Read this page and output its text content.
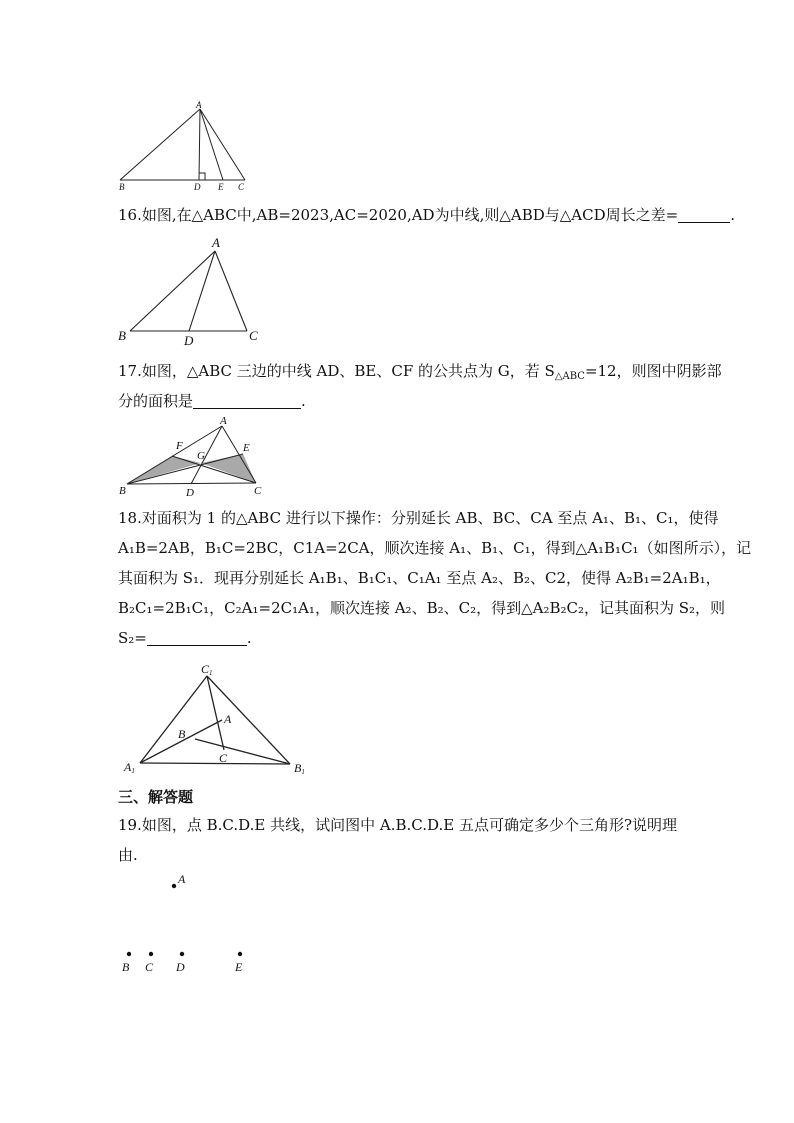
A
B	D E C
16.如图,在△ABC中,AB=2023,AC=2020,AD为中线,则△ABD与△ACD周长之差=	.
A
B	D	C
17.如图，△ABC 三边的中线 AD、BE、CF 的公共点为 G，若 $S_{\triangle ABC}=12$，则图中阴影部
分的面积是	.
A
F	E
G
B	D	C
18.对面积为 1 的△ABC 进行以下操作：分别延长 AB、BC、CA 至点 A₁、B₁、C₁，使得
A₁B=2AB，B₁C=2BC，C1A=2CA，顺次连接 A₁、B₁、C₁，得到△A₁B₁C₁（如图所示），记
其面积为 S₁．现再分别延长 A₁B₁、B₁C₁、C₁A₁ 至点 A₂、B₂、C2，使得 A₂B₁=2A₁B₁，
B₂C₁=2B₁C₁，C₂A₁=2C₁A₁，顺次连接 A₂、B₂、C₂，得到△A₂B₂C₂，记其面积为 S₂，则
S₂=	.
C1
A
B
C
A1	B1
三、解答题
19.如图，点 B.C.D.E 共线，试问图中 A.B.C.D.E 五点可确定多少个三角形?说明理
由.
A
B C D	E
